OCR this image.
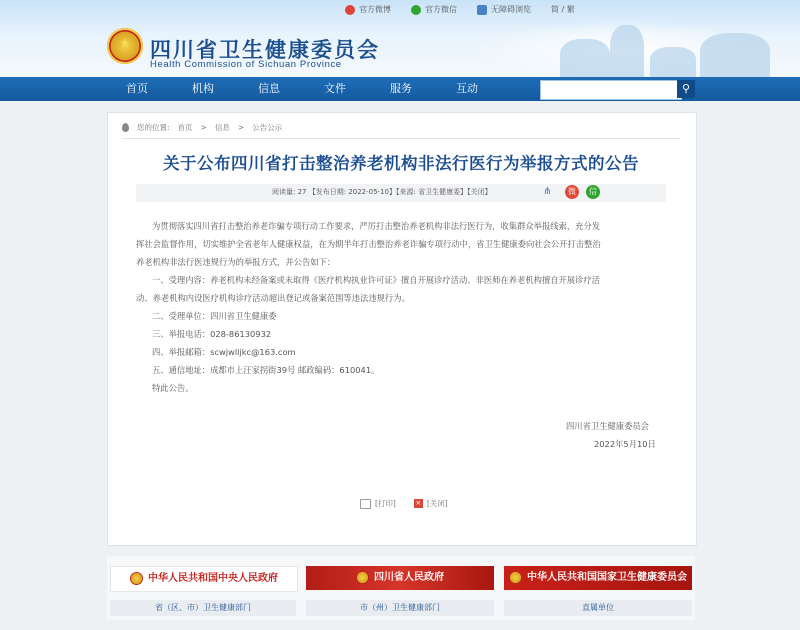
官方微博	官方微信	无障碍浏览	简 / 繁
四川省卫生健康委员会
Health Commission of Sichuan Province
首页	机构	信息	文件	服务	互动	⚲
您的位置: 首页 > 信息 > 公告公示
关于公布四川省打击整治养老机构非法行医行为举报方式的公告
阅读量: 27 【发布日期: 2022-05-10】【来源: 省卫生健康委】【关闭】	⋔	微	信
为贯彻落实四川省打击整治养老诈骗专项行动工作要求，严厉打击整治养老机构非法行医行为，收集群众举报线索，充分发
挥社会监督作用，切实维护全省老年人健康权益，在为期半年打击整治养老诈骗专项行动中，省卫生健康委向社会公开打击整治
养老机构非法行医违规行为的举报方式，并公告如下：
一、受理内容：养老机构未经备案或未取得《医疗机构执业许可证》擅自开展诊疗活动、非医师在养老机构擅自开展诊疗活
动、养老机构内设医疗机构诊疗活动超出登记或备案范围等违法违规行为。
二、受理单位：四川省卫生健康委
三、举报电话：028-86130932
四、举报邮箱：scwjwlljkc@163.com
五、通信地址：成都市上汪家拐街39号 邮政编码：610041。
特此公告。
四川省卫生健康委员会
2022年5月10日
[打印]	× [关闭]
中华人民共和国中央人民政府	四川省人民政府	中华人民共和国国家卫生健康委员会
省（区、市）卫生健康部门	市（州）卫生健康部门	直属单位
